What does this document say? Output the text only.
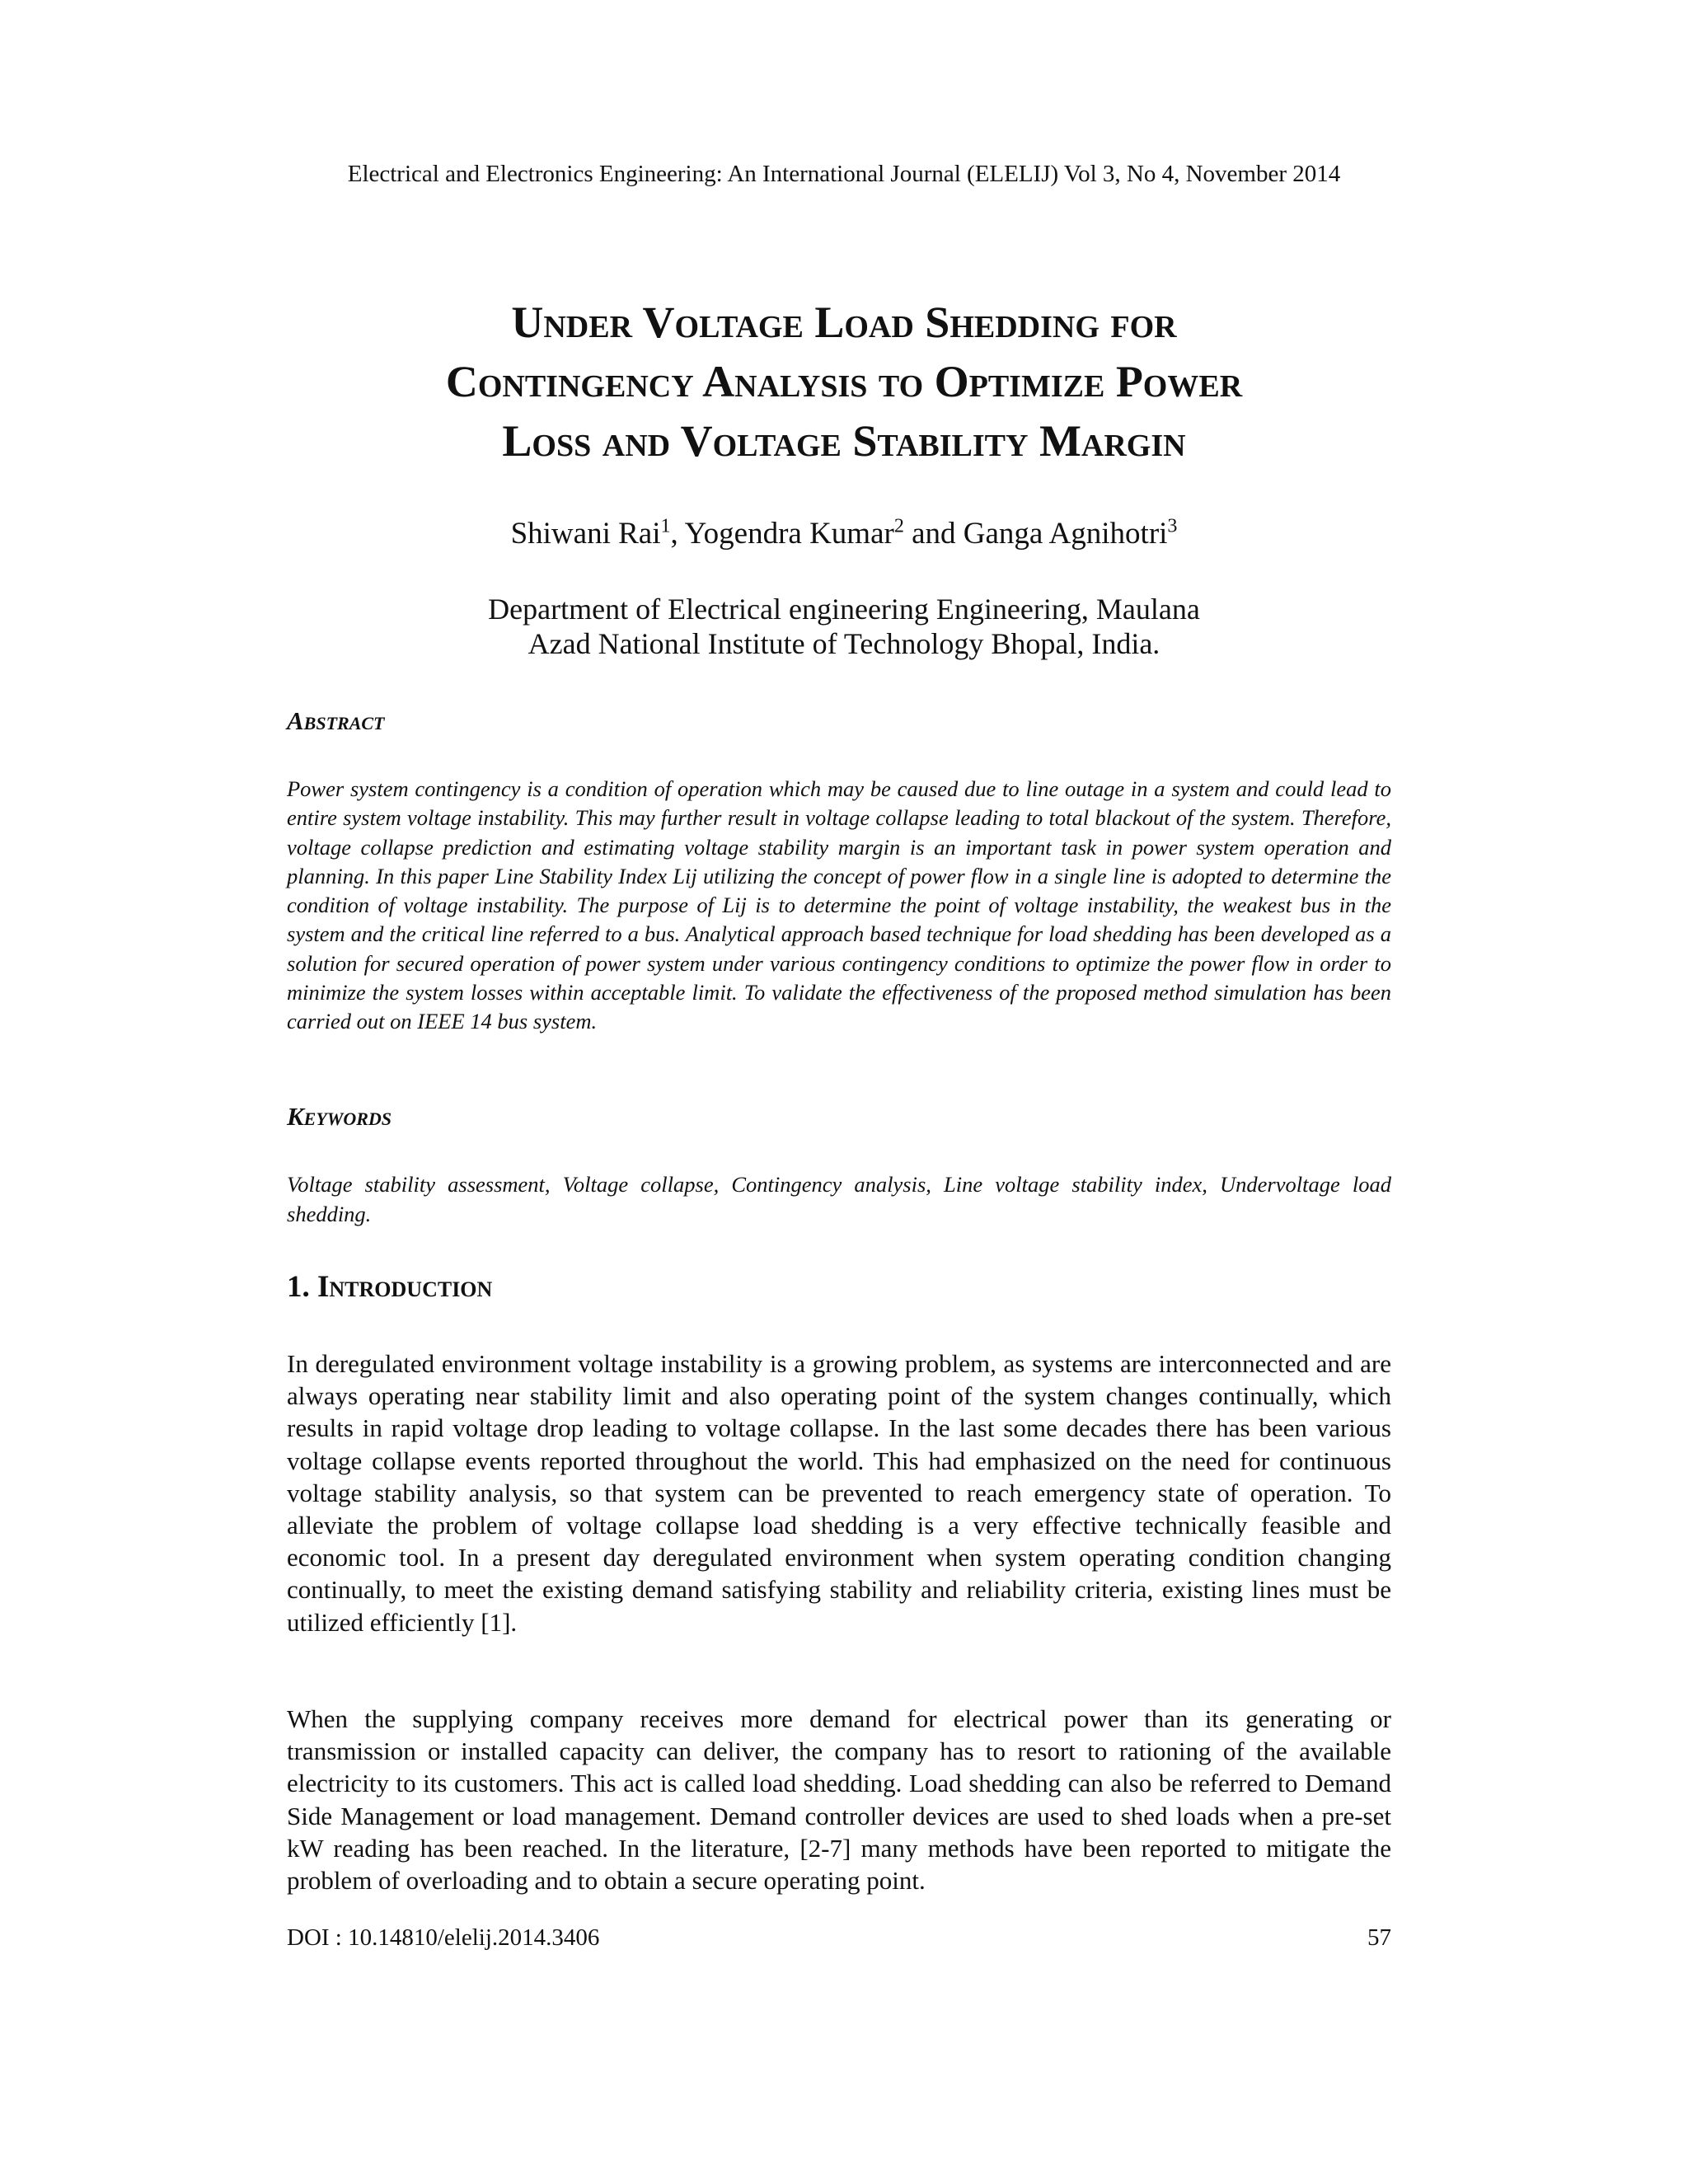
Electrical and Electronics Engineering: An International Journal (ELELIJ) Vol 3, No 4, November 2014
Under Voltage Load Shedding for
Contingency Analysis to Optimize Power
Loss and Voltage Stability Margin
Shiwani Rai$^1$, Yogendra Kumar$^2$ and Ganga Agnihotri$^3$
Department of Electrical engineering Engineering, Maulana
Azad National Institute of Technology Bhopal, India.
Abstract
Power system contingency is a condition of operation which may be caused due to line outage in a system and could lead to entire system voltage instability. This may further result in voltage collapse leading to total blackout of the system. Therefore, voltage collapse prediction and estimating voltage stability margin is an important task in power system operation and planning. In this paper Line Stability Index Lij utilizing the concept of power flow in a single line is adopted to determine the condition of voltage instability. The purpose of Lij is to determine the point of voltage instability, the weakest bus in the system and the critical line referred to a bus. Analytical approach based technique for load shedding has been developed as a solution for secured operation of power system under various contingency conditions to optimize the power flow in order to minimize the system losses within acceptable limit. To validate the effectiveness of the proposed method simulation has been carried out on IEEE 14 bus system.
Keywords
Voltage stability assessment, Voltage collapse, Contingency analysis, Line voltage stability index, Undervoltage load shedding.
1. Introduction
In deregulated environment voltage instability is a growing problem, as systems are interconnected and are always operating near stability limit and also operating point of the system changes continually, which results in rapid voltage drop leading to voltage collapse. In the last some decades there has been various voltage collapse events reported throughout the world. This had emphasized on the need for continuous voltage stability analysis, so that system can be prevented to reach emergency state of operation. To alleviate the problem of voltage collapse load shedding is a very effective technically feasible and economic tool. In a present day deregulated environment when system operating condition changing continually, to meet the existing demand satisfying stability and reliability criteria, existing lines must be utilized efficiently [1].
When the supplying company receives more demand for electrical power than its generating or transmission or installed capacity can deliver, the company has to resort to rationing of the available electricity to its customers. This act is called load shedding. Load shedding can also be referred to Demand Side Management or load management. Demand controller devices are used to shed loads when a pre-set kW reading has been reached. In the literature, [2-7] many methods have been reported to mitigate the problem of overloading and to obtain a secure operating point.
DOI : 10.14810/elelij.2014.3406	57
